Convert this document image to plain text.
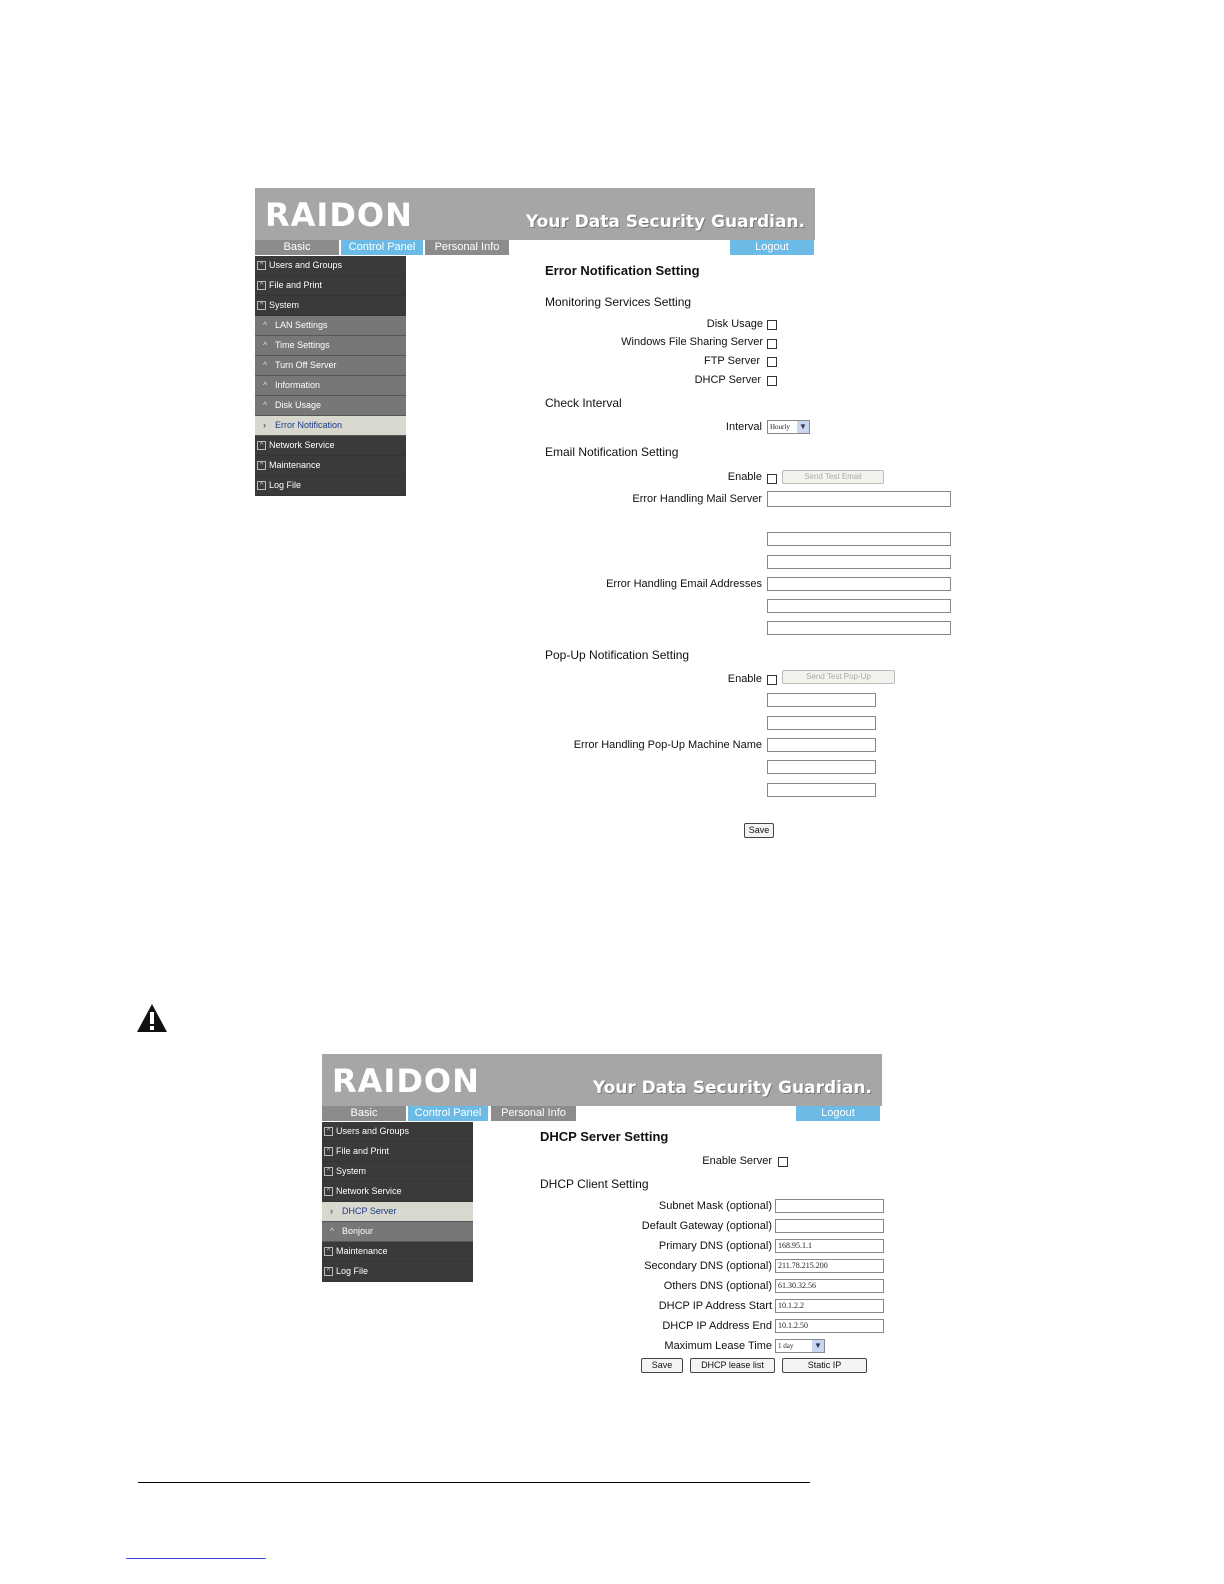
RAIDON	Your Data Security Guardian.
Basic	Control Panel	Personal Info	Logout
^ Users and Groups
^ File and Print
^ System
^ LAN Settings
^ Time Settings
^ Turn Off Server
^ Information
^ Disk Usage
› Error Notification
^ Network Service
^ Maintenance
^ Log File
Error Notification Setting
Monitoring Services Setting
Disk Usage
Windows File Sharing Server
FTP Server
DHCP Server
Check Interval
Interval	Hourly ▼
Email Notification Setting
Enable	Send Test Email
Error Handling Mail Server
Error Handling Email Addresses
Pop-Up Notification Setting
Enable	Send Test Pop-Up
Error Handling Pop-Up Machine Name
Save
RAIDON	Your Data Security Guardian.
Basic	Control Panel	Personal Info	Logout
^ Users and Groups
^ File and Print
^ System
^ Network Service
› DHCP Server
^ Bonjour
^ Maintenance
^ Log File
DHCP Server Setting
Enable Server
DHCP Client Setting
Subnet Mask (optional)
Default Gateway (optional)
Primary DNS (optional) 168.95.1.1
Secondary DNS (optional) 211.78.215.200
Others DNS (optional) 61.30.32.56
DHCP IP Address Start 10.1.2.2
DHCP IP Address End 10.1.2.50
Maximum Lease Time 1 day	▼
Save	DHCP lease list	Static IP
